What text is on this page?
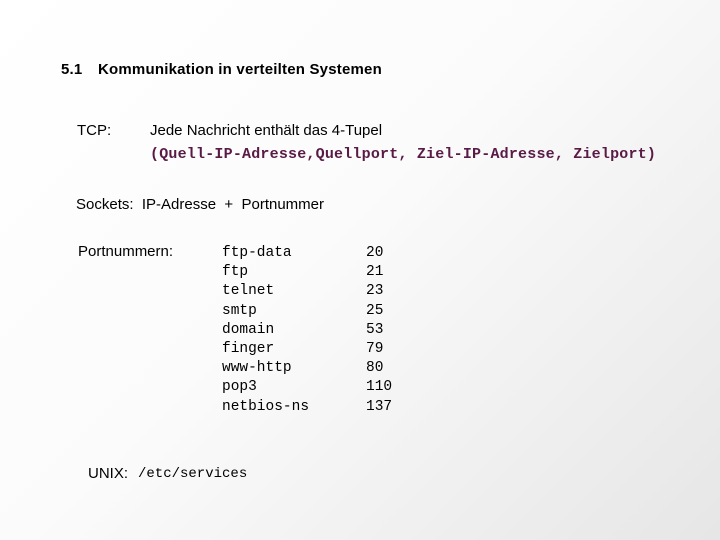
5.1 Kommunikation in verteilten Systemen
TCP:	Jede Nachricht enthält das 4-Tupel
(Quell-IP-Adresse,Quellport, Ziel-IP-Adresse, Zielport)
Sockets:  IP-Adresse  +  Portnummer
Portnummern:	ftp-data
ftp
telnet
smtp
domain
finger
www-http
pop3
netbios-ns
20
21
23
25
53
79
80
110
137
UNIX: /etc/services
